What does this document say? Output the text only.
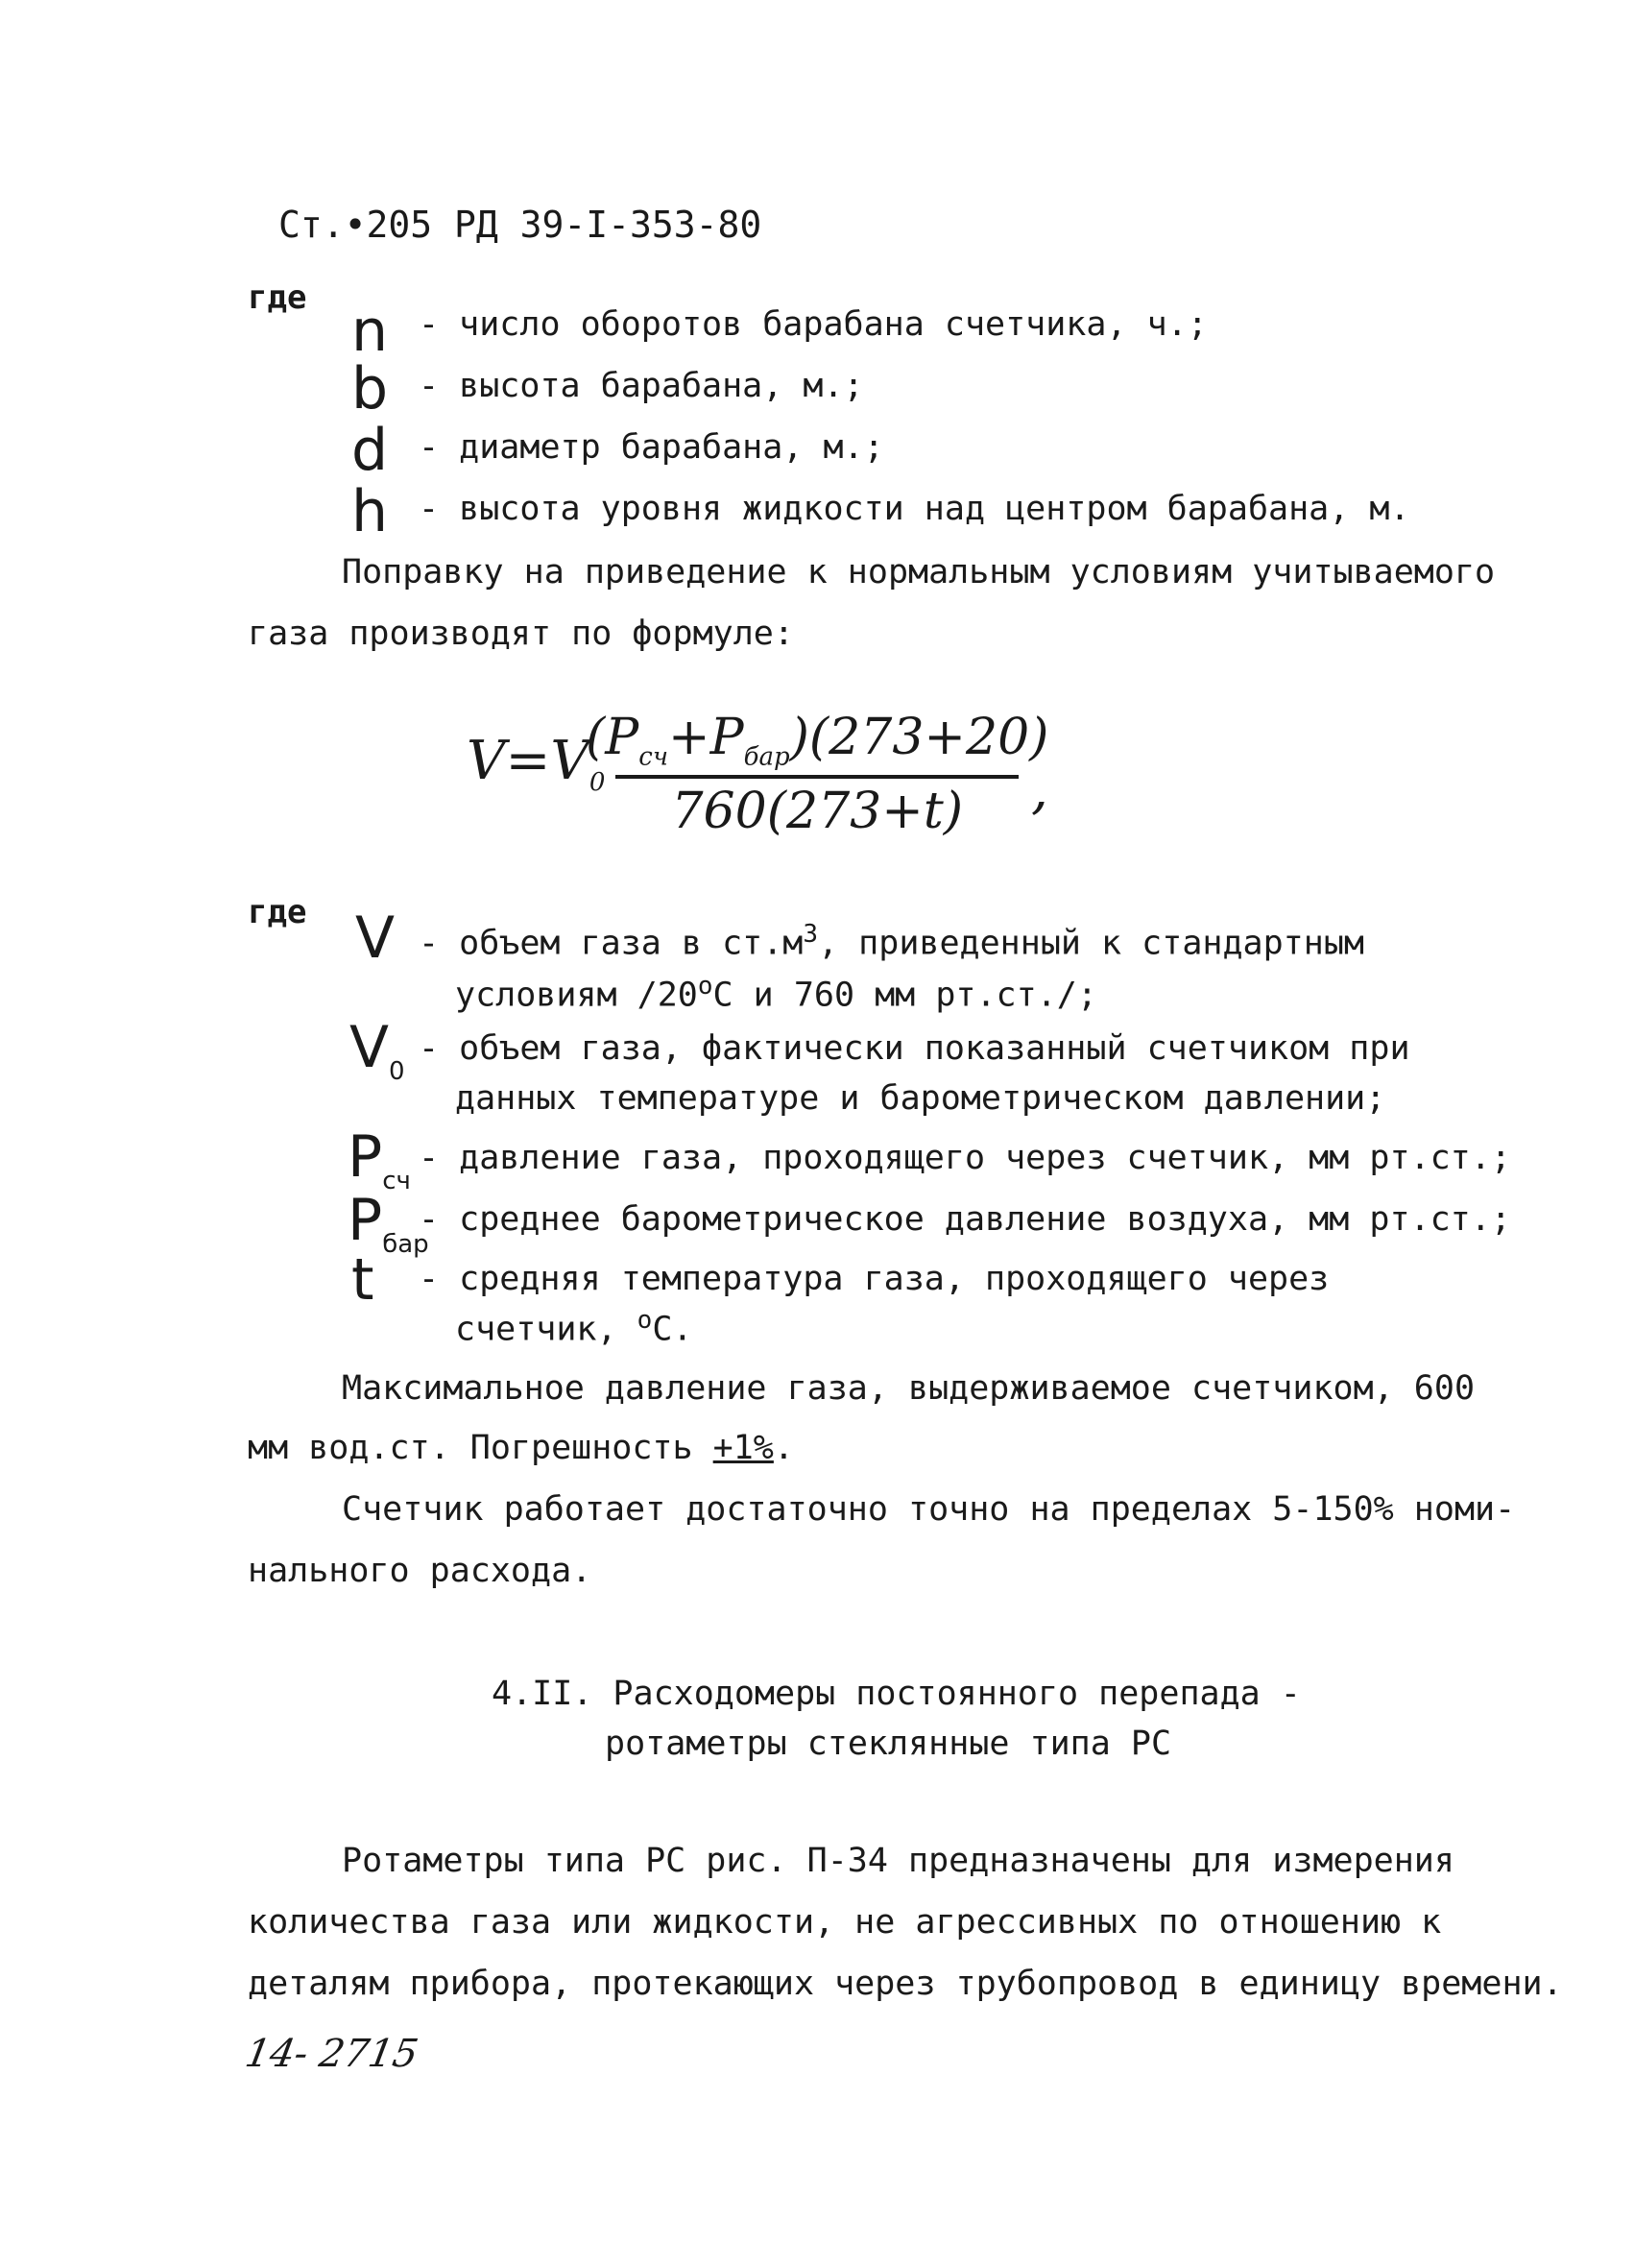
Ст.•205 РД 39-I-353-80
где n - число оборотов барабана счетчика, ч.;
b - высота барабана, м.;
d - диаметр барабана, м.;
h - высота уровня жидкости над центром барабана, м.
Поправку на приведение к нормальным условиям учитываемого
газа производят по формуле:
$V=V_0$
$(P_{сч}+P_{бар})(273+20)$
760(273+t) ,
где V - объем газа в $ст.м^3$, приведенный к стандартным
условиям $/20^оС$ и 760 мм рт.ст./;
$V_0$
- объем газа, фактически показанный счетчиком при
данных температуре и барометрическом давлении;
$P_{сч}$
- давление газа, проходящего через счетчик, мм рт.ст.;
$P_{бар}$
- среднее барометрическое давление воздуха, мм рт.ст.;
t - средняя температура газа, проходящего через
счетчик, $^о$С.
Максимальное давление газа, выдерживаемое счетчиком, 600
мм вод.ст. Погрешность +1%.
Счетчик работает достаточно точно на пределах 5-150% номи-
нального расхода.
4.II. Расходомеры постоянного перепада -
ротаметры стеклянные типа РС
Ротаметры типа РС рис. П-34 предназначены для измерения
количества газа или жидкости, не агрессивных по отношению к
деталям прибора, протекающих через трубопровод в единицу времени.
14- 2715
